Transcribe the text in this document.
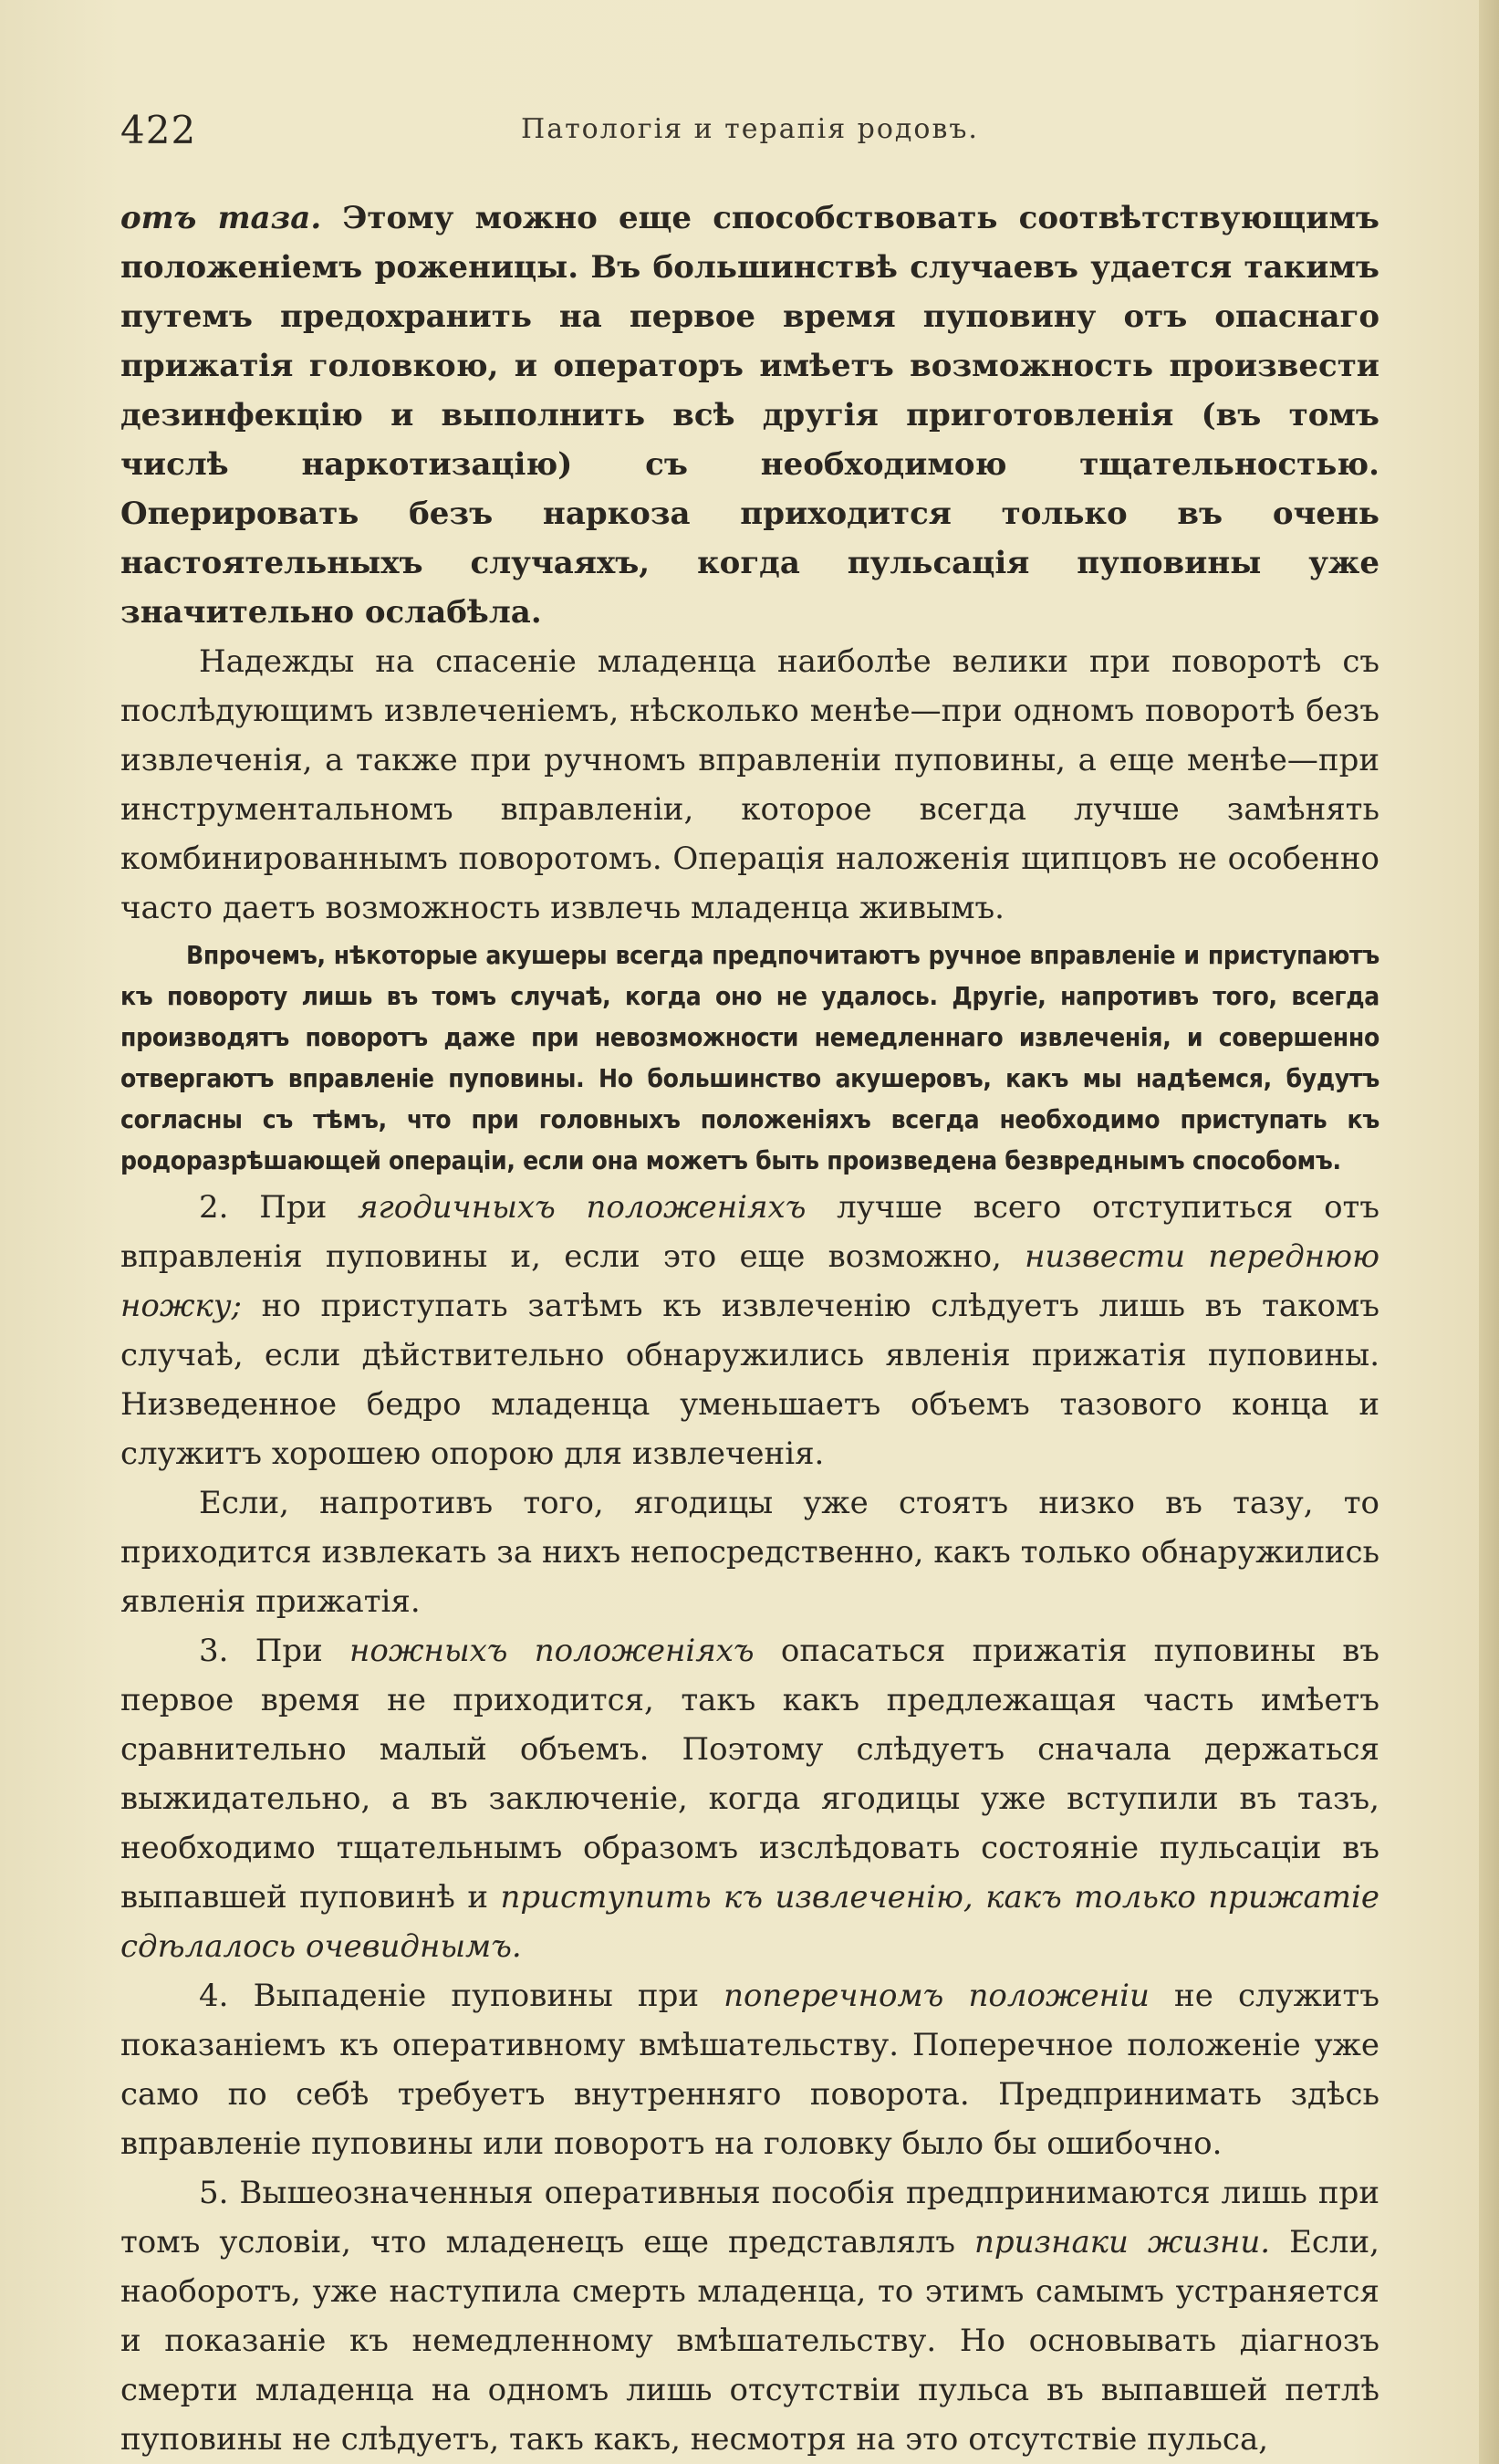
422	Патологія и терапія родовъ.

отъ таза. Этому можно еще способствовать соотвѣтствующимъ положеніемъ роженицы. Въ большинствѣ случаевъ удается такимъ путемъ предохранить на первое время пуповину отъ опаснаго прижатія головкою, и операторъ имѣетъ возможность произвести дезинфекцію и выполнить всѣ другія приготовленія (въ томъ числѣ наркотизацію) съ необходимою тщательностью. Оперировать безъ наркоза приходится только въ очень настоятельныхъ случаяхъ, когда пульсація пуповины уже значительно ослабѣла.

Надежды на спасеніе младенца наиболѣе велики при поворотѣ съ послѣдующимъ извлеченіемъ, нѣсколько менѣе—при одномъ поворотѣ безъ извлеченія, а также при ручномъ вправленіи пуповины, а еще менѣе—при инструментальномъ вправленіи, которое всегда лучше замѣнять комбинированнымъ поворотомъ. Операція наложенія щипцовъ не особенно часто даетъ возможность извлечь младенца живымъ.

Впрочемъ, нѣкоторые акушеры всегда предпочитаютъ ручное вправленіе и приступаютъ къ повороту лишь въ томъ случаѣ, когда оно не удалось. Другіе, напротивъ того, всегда производятъ поворотъ даже при невозможности немедленнаго извлеченія, и совершенно отвергаютъ вправленіе пуповины. Но большинство акушеровъ, какъ мы надѣемся, будутъ согласны съ тѣмъ, что при головныхъ положеніяхъ всегда необходимо приступать къ родоразрѣшающей операціи, если она можетъ быть произведена безвреднымъ способомъ.

2. При ягодичныхъ положеніяхъ лучше всего отступиться отъ вправленія пуповины и, если это еще возможно, низвести переднюю ножку; но приступать затѣмъ къ извлеченію слѣдуетъ лишь въ такомъ случаѣ, если дѣйствительно обнаружились явленія прижатія пуповины. Низведенное бедро младенца уменьшаетъ объемъ тазового конца и служитъ хорошею опорою для извлеченія.

Если, напротивъ того, ягодицы уже стоятъ низко въ тазу, то приходится извлекать за нихъ непосредственно, какъ только обнаружились явленія прижатія.

3. При ножныхъ положеніяхъ опасаться прижатія пуповины въ первое время не приходится, такъ какъ предлежащая часть имѣетъ сравнительно малый объемъ. Поэтому слѣдуетъ сначала держаться выжидательно, а въ заключеніе, когда ягодицы уже вступили въ тазъ, необходимо тщательнымъ образомъ изслѣдовать состояніе пульсаціи въ выпавшей пуповинѣ и приступить къ извлеченію, какъ только прижатіе сдѣлалось очевиднымъ.

4. Выпаденіе пуповины при поперечномъ положеніи не служитъ показаніемъ къ оперативному вмѣшательству. Поперечное положеніе уже само по себѣ требуетъ внутренняго поворота. Предпринимать здѣсь вправленіе пуповины или поворотъ на головку было бы ошибочно.

5. Вышеозначенныя оперативныя пособія предпринимаются лишь при томъ условіи, что младенецъ еще представлялъ признаки жизни. Если, наоборотъ, уже наступила смерть младенца, то этимъ самымъ устраняется и показаніе къ немедленному вмѣшательству. Но основывать діагнозъ смерти младенца на одномъ лишь отсутствіи пульса въ выпавшей петлѣ пуповины не слѣдуетъ, такъ какъ, несмотря на это отсутствіе пульса,
